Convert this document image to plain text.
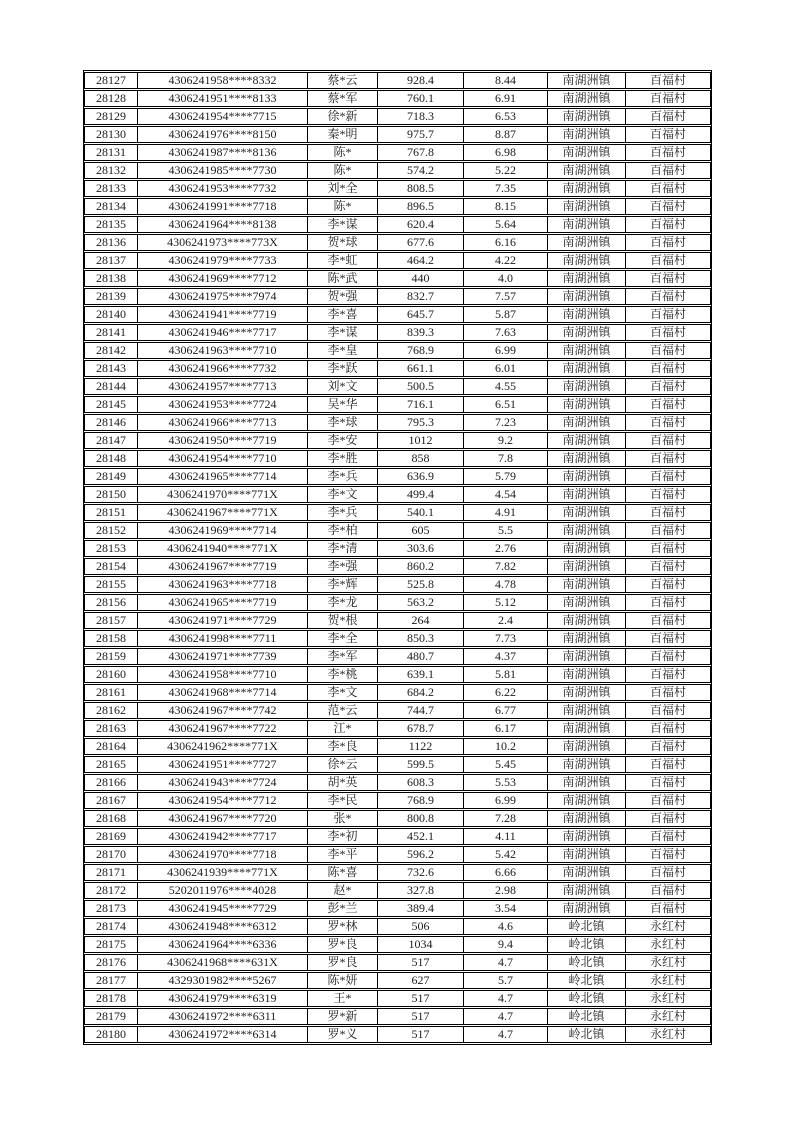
28127	4306241958****8332	蔡*云	928.4	8.44	南湖洲镇	百福村
28128	4306241951****8133	蔡*军	760.1	6.91	南湖洲镇	百福村
28129	4306241954****7715	徐*新	718.3	6.53	南湖洲镇	百福村
28130	4306241976****8150	秦*明	975.7	8.87	南湖洲镇	百福村
28131	4306241987****8136	陈*	767.8	6.98	南湖洲镇	百福村
28132	4306241985****7730	陈*	574.2	5.22	南湖洲镇	百福村
28133	4306241953****7732	刘*全	808.5	7.35	南湖洲镇	百福村
28134	4306241991****7718	陈*	896.5	8.15	南湖洲镇	百福村
28135	4306241964****8138	李*谋	620.4	5.64	南湖洲镇	百福村
28136	4306241973****773X	贺*球	677.6	6.16	南湖洲镇	百福村
28137	4306241979****7733	李*虹	464.2	4.22	南湖洲镇	百福村
28138	4306241969****7712	陈*武	440	4.0	南湖洲镇	百福村
28139	4306241975****7974	贺*强	832.7	7.57	南湖洲镇	百福村
28140	4306241941****7719	李*喜	645.7	5.87	南湖洲镇	百福村
28141	4306241946****7717	李*谋	839.3	7.63	南湖洲镇	百福村
28142	4306241963****7710	李*皇	768.9	6.99	南湖洲镇	百福村
28143	4306241966****7732	李*跃	661.1	6.01	南湖洲镇	百福村
28144	4306241957****7713	刘*文	500.5	4.55	南湖洲镇	百福村
28145	4306241953****7724	吴*华	716.1	6.51	南湖洲镇	百福村
28146	4306241966****7713	李*球	795.3	7.23	南湖洲镇	百福村
28147	4306241950****7719	李*安	1012	9.2	南湖洲镇	百福村
28148	4306241954****7710	李*胜	858	7.8	南湖洲镇	百福村
28149	4306241965****7714	李*兵	636.9	5.79	南湖洲镇	百福村
28150	4306241970****771X	李*文	499.4	4.54	南湖洲镇	百福村
28151	4306241967****771X	李*兵	540.1	4.91	南湖洲镇	百福村
28152	4306241969****7714	李*柏	605	5.5	南湖洲镇	百福村
28153	4306241940****771X	李*清	303.6	2.76	南湖洲镇	百福村
28154	4306241967****7719	李*强	860.2	7.82	南湖洲镇	百福村
28155	4306241963****7718	李*辉	525.8	4.78	南湖洲镇	百福村
28156	4306241965****7719	李*龙	563.2	5.12	南湖洲镇	百福村
28157	4306241971****7729	贺*根	264	2.4	南湖洲镇	百福村
28158	4306241998****7711	李*全	850.3	7.73	南湖洲镇	百福村
28159	4306241971****7739	李*军	480.7	4.37	南湖洲镇	百福村
28160	4306241958****7710	李*桃	639.1	5.81	南湖洲镇	百福村
28161	4306241968****7714	李*文	684.2	6.22	南湖洲镇	百福村
28162	4306241967****7742	范*云	744.7	6.77	南湖洲镇	百福村
28163	4306241967****7722	江*	678.7	6.17	南湖洲镇	百福村
28164	4306241962****771X	李*良	1122	10.2	南湖洲镇	百福村
28165	4306241951****7727	徐*云	599.5	5.45	南湖洲镇	百福村
28166	4306241943****7724	胡*英	608.3	5.53	南湖洲镇	百福村
28167	4306241954****7712	李*民	768.9	6.99	南湖洲镇	百福村
28168	4306241967****7720	张*	800.8	7.28	南湖洲镇	百福村
28169	4306241942****7717	李*初	452.1	4.11	南湖洲镇	百福村
28170	4306241970****7718	李*平	596.2	5.42	南湖洲镇	百福村
28171	4306241939****771X	陈*喜	732.6	6.66	南湖洲镇	百福村
28172	5202011976****4028	赵*	327.8	2.98	南湖洲镇	百福村
28173	4306241945****7729	彭*兰	389.4	3.54	南湖洲镇	百福村
28174	4306241948****6312	罗*林	506	4.6	岭北镇	永红村
28175	4306241964****6336	罗*良	1034	9.4	岭北镇	永红村
28176	4306241968****631X	罗*良	517	4.7	岭北镇	永红村
28177	4329301982****5267	陈*妍	627	5.7	岭北镇	永红村
28178	4306241979****6319	王*	517	4.7	岭北镇	永红村
28179	4306241972****6311	罗*新	517	4.7	岭北镇	永红村
28180	4306241972****6314	罗*义	517	4.7	岭北镇	永红村
